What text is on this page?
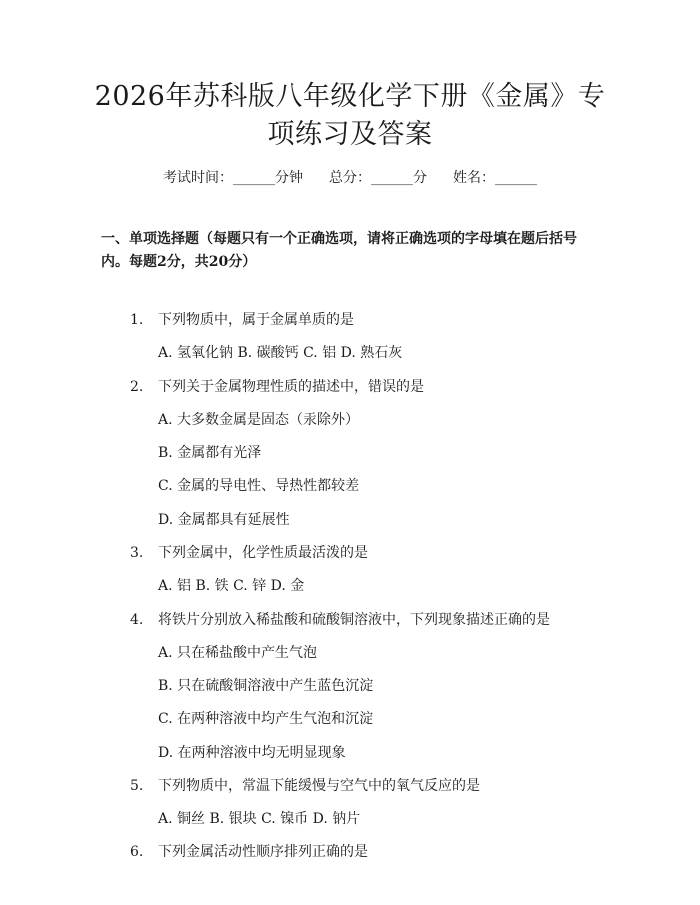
2026年苏科版八年级化学下册《金属》专项练习及答案
考试时间：______分钟 总分：______分 姓名：______
一、单项选择题（每题只有一个正确选项，请将正确选项的字母填在题后括号内。每题2分，共20分）
1. 下列物质中，属于金属单质的是
A. 氢氧化钠 B. 碳酸钙 C. 铝 D. 熟石灰
2. 下列关于金属物理性质的描述中，错误的是
A. 大多数金属是固态（汞除外）
B. 金属都有光泽
C. 金属的导电性、导热性都较差
D. 金属都具有延展性
3. 下列金属中，化学性质最活泼的是
A. 铝 B. 铁 C. 锌 D. 金
4. 将铁片分别放入稀盐酸和硫酸铜溶液中，下列现象描述正确的是
A. 只在稀盐酸中产生气泡
B. 只在硫酸铜溶液中产生蓝色沉淀
C. 在两种溶液中均产生气泡和沉淀
D. 在两种溶液中均无明显现象
5. 下列物质中，常温下能缓慢与空气中的氧气反应的是
A. 铜丝 B. 银块 C. 镍币 D. 钠片
6. 下列金属活动性顺序排列正确的是
